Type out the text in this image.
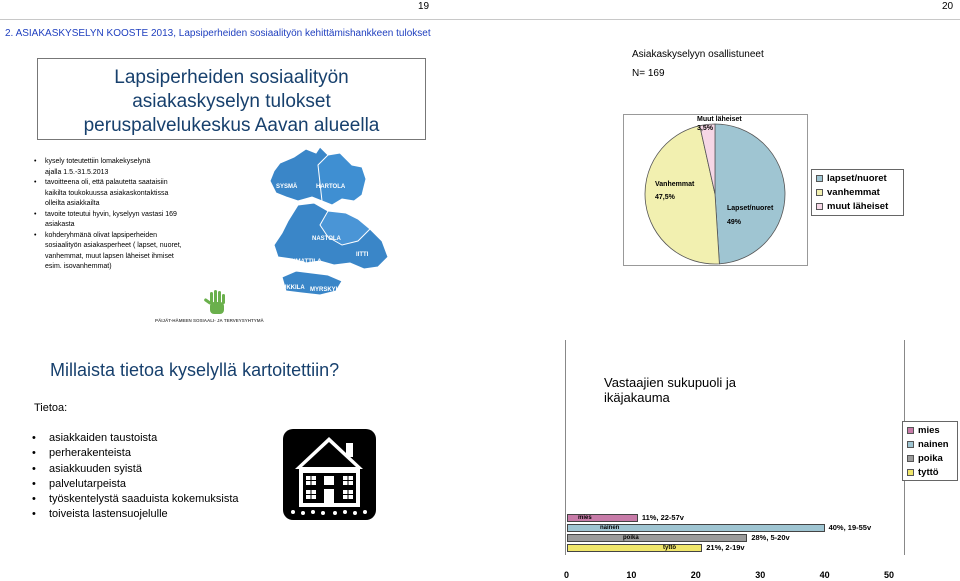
19	20
2. ASIAKASKYSELYN KOOSTE 2013, Lapsiperheiden sosiaalityön kehittämishankkeen tulokset
Lapsiperheiden sosiaalityön
asiakaskyselyn tulokset
peruspalvelukeskus Aavan alueella
• kysely toteutettiin lomakekyselynä
ajalla 1.5.-31.5.2013
• tavoitteena oli, että palautetta saataisiin
kaikilta toukokuussa asiakaskontaktissa
olleilta asiakkailta
• tavoite toteutui hyvin, kyselyyn vastasi 169
asiakasta
• kohderyhmänä olivat lapsiperheiden
sosiaalityön asiakasperheet ( lapset, nuoret,
vanhemmat, muut lapsen läheiset ihmiset
esim. isovanhemmat)
SYSMÄ	HARTOLA
NASTOLA
IITTI
ORIMATTILA
PUKKILA MYRSKYLÄ
PÄIJÄT-HÄMEEN SOSIAALI- JA TERVEYSYHTYMÄ
Asiakaskyselyyn osallistuneet
N= 169
Muut läheiset
3,5%
Vanhemmat
47,5%
Lapset/nuoret
49%
lapset/nuoret
vanhemmat
muut läheiset
Millaista tietoa kyselyllä kartoitettiin?
Tietoa:
• asiakkaiden taustoista
• perherakenteista
• asiakkuuden syistä
• palvelutarpeista
• työskentelystä saaduista kokemuksista
• toiveista lastensuojelulle
Vastaajien sukupuoli ja
ikäjakauma
mies
nainen
poika
tyttö
mies	11%, 22-57v
nainen	40%, 19-55v
poika	28%, 5-20v
tyttö	21%, 2-19v
0	10	20	30	40	50
